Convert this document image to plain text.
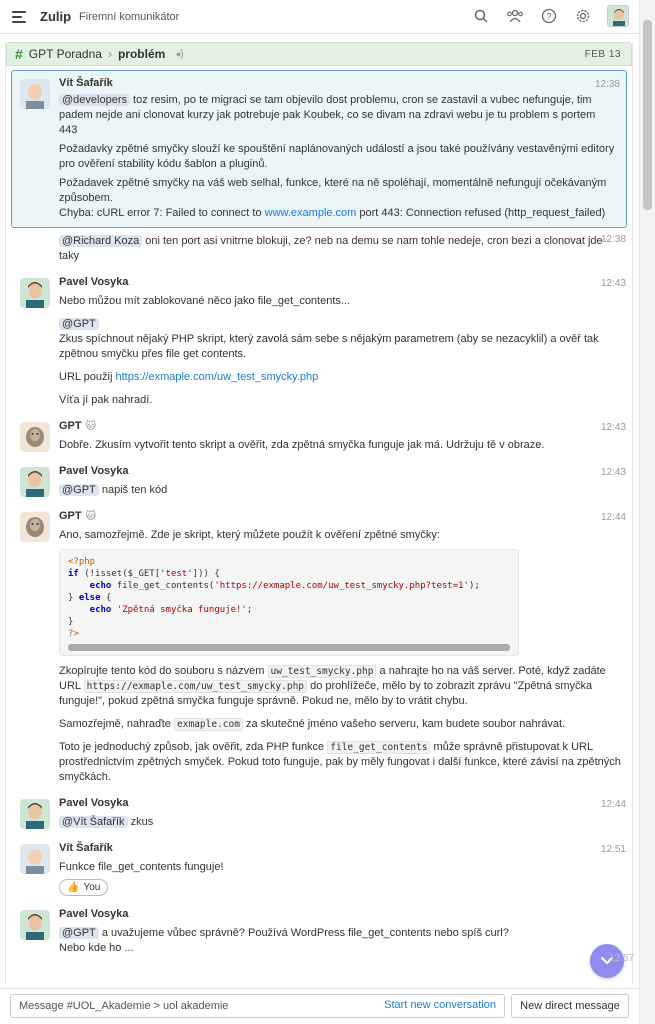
Zulip Firemní komunikátor	?
# GPT Poradna › problém ◂)	FEB 13
Vít Šafařík	12:38

@developers toz resim, po te migraci se tam objevilo dost problemu, cron se zastavil a vubec nefunguje, tim padem nejde ani clonovat kurzy jak potrebuje pak Koubek, co se divam na zdravi webu je tu problem s portem 443

Požadavky zpětné smyčky slouží ke spouštění naplánovaných událostí a jsou také používány vestavěnými editory pro ověření stability kódu šablon a pluginů.

Požadavek zpětné smyčky na váš web selhal, funkce, které na ně spoléhají, momentálně nefungují očekávaným způsobem.
Chyba: cURL error 7: Failed to connect to www.example.com port 443: Connection refused (http_request_failed)

12:38

@Richard Koza oni ten port asi vnitrne blokuji, ze? neb na demu se nam tohle nedeje, cron bezi a clonovat jde taky

Pavel Vosyka	12:43

Nebo můžou mít zablokované něco jako file_get_contents...

@GPT

Zkus spíchnout nějaký PHP skript, který zavolá sám sebe s nějakým parametrem (aby se nezacyklil) a ověř tak zpětnou smyčku přes file get contents.

URL použij https://exmaple.com/uw_test_smycky.php

Víťa jí pak nahradí.

GPT 🐱	12:43

Dobře. Zkusím vytvořit tento skript a ověřit, zda zpětná smyčka funguje jak má. Udržuju tě v obraze.

Pavel Vosyka	12:43

@GPT napiš ten kód

GPT 🐱	12:44

Ano, samozřejmě. Zde je skript, který můžete použít k ověření zpětné smyčky:

<?php
if (!isset($_GET['test'])) {
echo file_get_contents('https://exmaple.com/uw_test_smycky.php?test=1');
} else {
echo 'Zpětná smyčka funguje!';
}
?>

Zkopírujte tento kód do souboru s názvem uw_test_smycky.php a nahrajte ho na váš server. Poté, když zadáte URL https://exmaple.com/uw_test_smycky.php do prohlížeče, mělo by to zobrazit zprávu "Zpětná smyčka funguje!", pokud zpětná smyčka funguje správně. Pokud ne, mělo by to vrátit chybu.

Samozřejmě, nahraďte exmaple.com za skutečné jméno vašeho serveru, kam budete soubor nahrávat.

Toto je jednoduchý způsob, jak ověřit, zda PHP funkce file_get_contents může správně přistupovat k URL prostřednictvím zpětných smyček. Pokud toto funguje, pak by měly fungovat i další funkce, které závisí na zpětných smyčkách.

Pavel Vosyka	12:44

@Vít Šafařík zkus

Vít Šafařík	12:51

Funkce file_get_contents funguje!

👍 You
Pavel Vosyka

@GPT a uvažujeme vůbec správně? Používá WordPress file_get_contents nebo spíš curl?

Nebo kde ho ...

12:57
Message #UOL_Akademie > uol akademie	Start new conversation	New direct message
